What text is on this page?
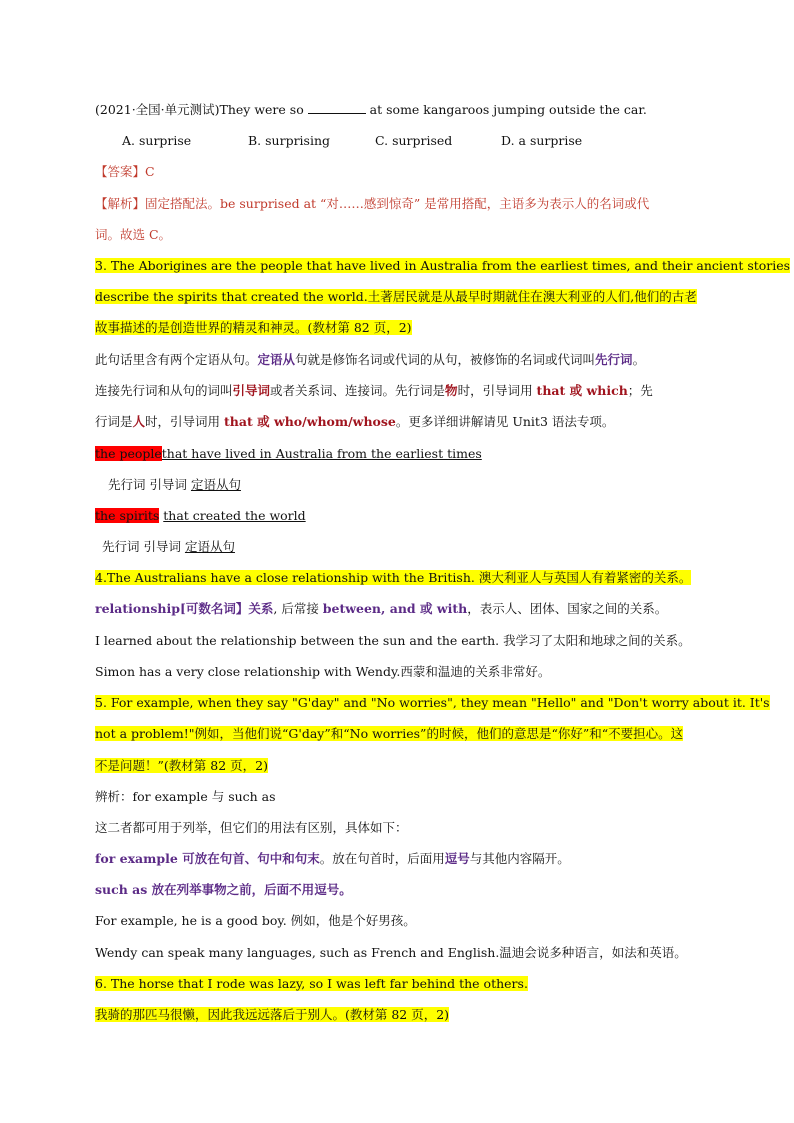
(2021·全国·单元测试)They were so	at some kangaroos jumping outside the car.
A. surprise	B. surprising	C. surprised	D. a surprise
【答案】C
【解析】固定搭配法。be surprised at “对……感到惊奇” 是常用搭配，主语多为表示人的名词或代
词。故选 C。
3. The Aborigines are the people that have lived in Australia from the earliest times, and their ancient stories
describe the spirits that created the world.土著居民就是从最早时期就住在澳大利亚的人们,他们的古老
故事描述的是创造世界的精灵和神灵。(教材第 82 页，2)
此句话里含有两个定语从句。定语从句就是修饰名词或代词的从句，被修饰的名词或代词叫先行词。
连接先行词和从句的词叫引导词或者关系词、连接词。先行词是物时，引导词用 that 或 which；先
行词是人时，引导词用 that 或 who/whom/whose。更多详细讲解请见 Unit3 语法专项。
the peoplethat have lived in Australia from the earliest times
先行词 引导词 定语从句
the spirits that created the world
先行词 引导词 定语从句
4.The Australians have a close relationship with the British. 澳大利亚人与英国人有着紧密的关系。
relationship[可数名词】关系, 后常接 between, and 或 with，表示人、团体、国家之间的关系。
I learned about the relationship between the sun and the earth. 我学习了太阳和地球之间的关系。
Simon has a very close relationship with Wendy.西蒙和温迪的关系非常好。
5. For example, when they say "G'day" and "No worries", they mean "Hello" and "Don't worry about it. It's
not a problem!"例如，当他们说“G'day”和“No worries”的时候，他们的意思是“你好”和“不要担心。这
不是问题！”(教材第 82 页，2)
辨析：for example 与 such as
这二者都可用于列举，但它们的用法有区别，具体如下：
for example 可放在句首、句中和句末。放在句首时，后面用逗号与其他内容隔开。
such as 放在列举事物之前，后面不用逗号。
For example, he is a good boy. 例如，他是个好男孩。
Wendy can speak many languages, such as French and English.温迪会说多种语言，如法和英语。
6. The horse that I rode was lazy, so I was left far behind the others.
我骑的那匹马很懒，因此我远远落后于别人。(教材第 82 页，2)
